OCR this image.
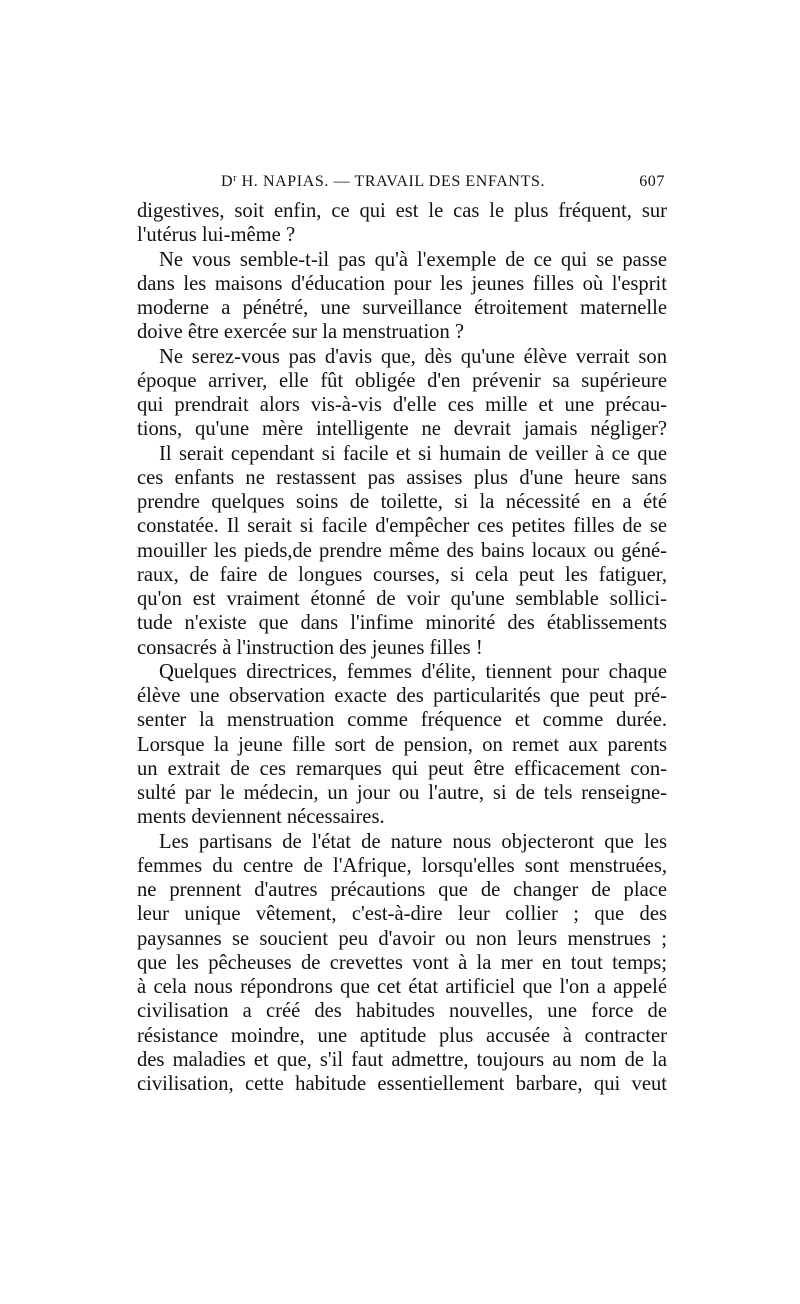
$D^r$ H. NAPIAS. — TRAVAIL DES ENFANTS.	607
digestives, soit enfin, ce qui est le cas le plus fréquent, sur
l'utérus lui-même ?
Ne vous semble-t-il pas qu'à l'exemple de ce qui se passe
dans les maisons d'éducation pour les jeunes filles où l'esprit
moderne a pénétré, une surveillance étroitement maternelle
doive être exercée sur la menstruation ?
Ne serez-vous pas d'avis que, dès qu'une élève verrait son
époque arriver, elle fût obligée d'en prévenir sa supérieure
qui prendrait alors vis-à-vis d'elle ces mille et une précau-
tions, qu'une mère intelligente ne devrait jamais négliger?
Il serait cependant si facile et si humain de veiller à ce que
ces enfants ne restassent pas assises plus d'une heure sans
prendre quelques soins de toilette, si la nécessité en a été
constatée. Il serait si facile d'empêcher ces petites filles de se
mouiller les pieds,de prendre même des bains locaux ou géné-
raux, de faire de longues courses, si cela peut les fatiguer,
qu'on est vraiment étonné de voir qu'une semblable sollici-
tude n'existe que dans l'infime minorité des établissements
consacrés à l'instruction des jeunes filles !
Quelques directrices, femmes d'élite, tiennent pour chaque
élève une observation exacte des particularités que peut pré-
senter la menstruation comme fréquence et comme durée.
Lorsque la jeune fille sort de pension, on remet aux parents
un extrait de ces remarques qui peut être efficacement con-
sulté par le médecin, un jour ou l'autre, si de tels renseigne-
ments deviennent nécessaires.
Les partisans de l'état de nature nous objecteront que les
femmes du centre de l'Afrique, lorsqu'elles sont menstruées,
ne prennent d'autres précautions que de changer de place
leur unique vêtement, c'est-à-dire leur collier ; que des
paysannes se soucient peu d'avoir ou non leurs menstrues ;
que les pêcheuses de crevettes vont à la mer en tout temps;
à cela nous répondrons que cet état artificiel que l'on a appelé
civilisation a créé des habitudes nouvelles, une force de
résistance moindre, une aptitude plus accusée à contracter
des maladies et que, s'il faut admettre, toujours au nom de la
civilisation, cette habitude essentiellement barbare, qui veut
